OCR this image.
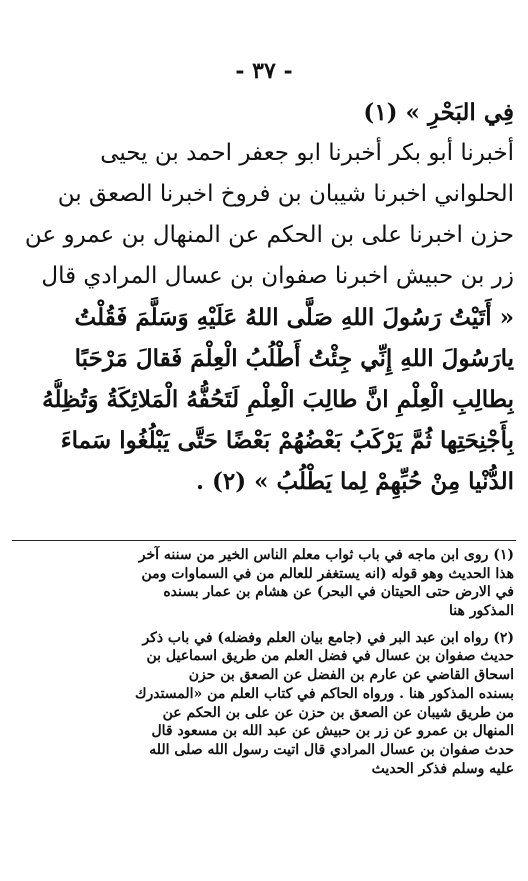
- ٣٧ -
فِي البَحْرِ » (١)
أخبرنا أبو بكر أخبرنا ابو جعفر احمد بن يحيى
الحلواني اخبرنا شيبان بن فروخ اخبرنا الصعق بن
حزن اخبرنا على بن الحكم عن المنهال بن عمرو عن
زر بن حبيش اخبرنا صفوان بن عسال المرادي قال
« أَتَيْتُ رَسُولَ اللهِ صَلَّى اللهُ عَلَيْهِ وَسَلَّمَ فَقُلْتُ
يارَسُولَ اللهِ إِنِّي جِئْتُ أَطْلُبُ الْعِلْمَ فَقالَ مَرْحَبًا
بِطالِبِ الْعِلْمِ انَّ طالِبَ الْعِلْمِ لَتَحُفُّهُ الْمَلائِكَةُ وَتُظِلُّهُ
بِأَجْنِحَتِها ثُمَّ يَرْكَبُ بَعْضُهُمْ بَعْضًا حَتَّى يَبْلُغُوا سَماءَ
الدُّنْيا مِنْ حُبِّهِمْ لِما يَطْلُبُ » (٢) .
(١) روى ابن ماجه في باب ثواب معلم الناس الخير من سننه آخر
هذا الحديث وهو قوله (انه يستغفر للعالم من في السماوات ومن
في الارض حتى الحيتان في البحر) عن هشام بن عمار بسنده
المذكور هنا
(٢) رواه ابن عبد البر في (جامع بيان العلم وفضله) في باب ذكر
حديث صفوان بن عسال في فضل العلم من طريق اسماعيل بن
اسحاق القاضي عن عارم بن الفضل عن الصعق بن حزن
بسنده المذكور هنا . ورواه الحاكم في كتاب العلم من «المستدرك
من طريق شيبان عن الصعق بن حزن عن على بن الحكم عن
المنهال بن عمرو عن زر بن حبيش عن عبد الله بن مسعود قال
حدث صفوان بن عسال المرادي قال اتيت رسول الله صلى الله
عليه وسلم فذكر الحديث
